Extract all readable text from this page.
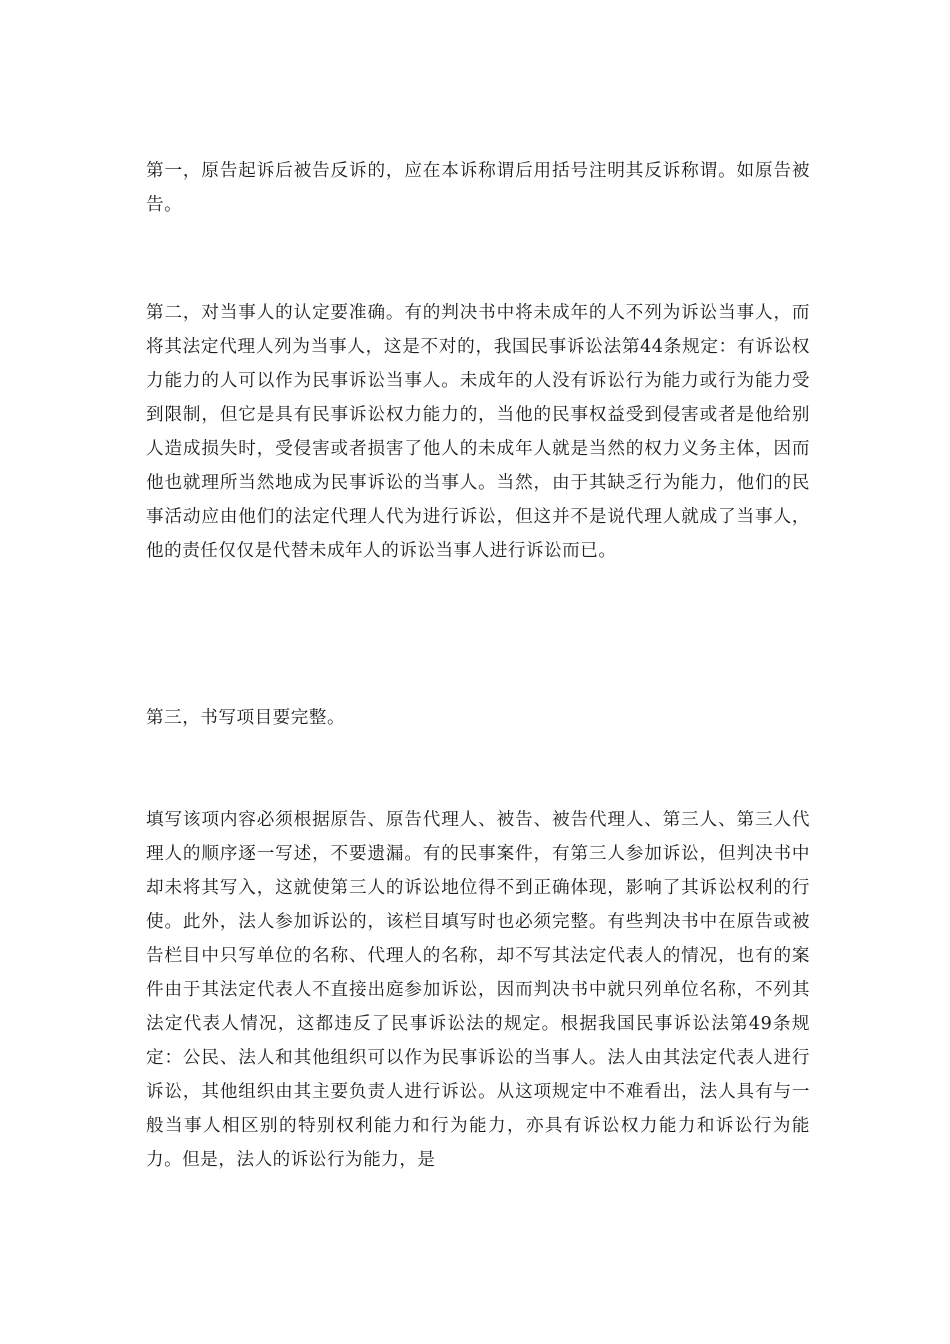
第一，原告起诉后被告反诉的，应在本诉称谓后用括号注明其反诉称谓。如原告被告。

第二，对当事人的认定要准确。有的判决书中将未成年的人不列为诉讼当事人，而将其法定代理人列为当事人，这是不对的，我国民事诉讼法第44条规定：有诉讼权力能力的人可以作为民事诉讼当事人。未成年的人没有诉讼行为能力或行为能力受到限制，但它是具有民事诉讼权力能力的，当他的民事权益受到侵害或者是他给别人造成损失时，受侵害或者损害了他人的未成年人就是当然的权力义务主体，因而他也就理所当然地成为民事诉讼的当事人。当然，由于其缺乏行为能力，他们的民事活动应由他们的法定代理人代为进行诉讼，但这并不是说代理人就成了当事人，他的责任仅仅是代替未成年人的诉讼当事人进行诉讼而已。

第三，书写项目要完整。

填写该项内容必须根据原告、原告代理人、被告、被告代理人、第三人、第三人代理人的顺序逐一写述，不要遗漏。有的民事案件，有第三人参加诉讼，但判决书中却未将其写入，这就使第三人的诉讼地位得不到正确体现，影响了其诉讼权利的行使。此外，法人参加诉讼的，该栏目填写时也必须完整。有些判决书中在原告或被告栏目中只写单位的名称、代理人的名称，却不写其法定代表人的情况，也有的案件由于其法定代表人不直接出庭参加诉讼，因而判决书中就只列单位名称，不列其法定代表人情况，这都违反了民事诉讼法的规定。根据我国民事诉讼法第49条规定：公民、法人和其他组织可以作为民事诉讼的当事人。法人由其法定代表人进行诉讼，其他组织由其主要负责人进行诉讼。从这项规定中不难看出，法人具有与一般当事人相区别的特别权利能力和行为能力，亦具有诉讼权力能力和诉讼行为能力。但是，法人的诉讼行为能力，是
